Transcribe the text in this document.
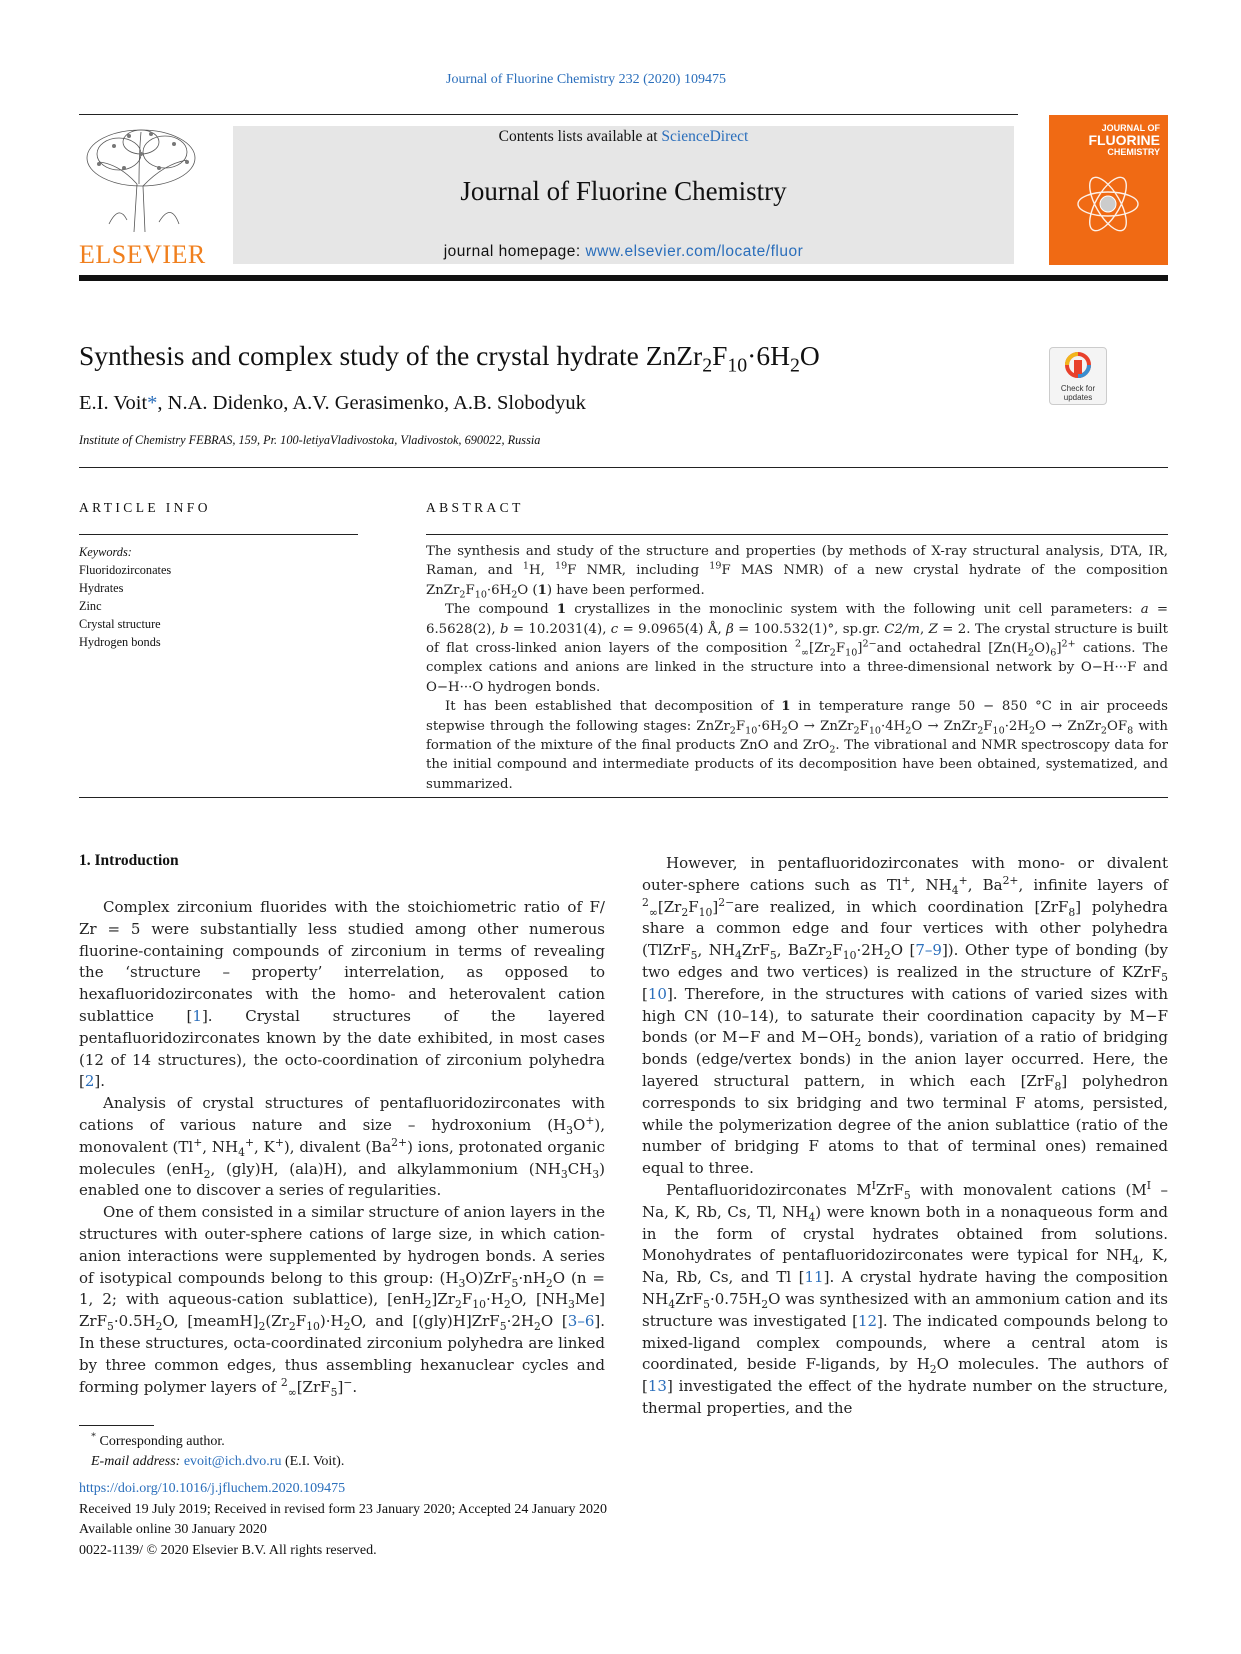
Journal of Fluorine Chemistry 232 (2020) 109475
ELSEVIER
Contents lists available at ScienceDirect
Journal of Fluorine Chemistry
journal homepage: www.elsevier.com/locate/fluor
JOURNAL OF
FLUORINE
CHEMISTRY
Synthesis and complex study of the crystal hydrate $ZnZr_2F_{10}\cdot 6H_2O$
Check for
updates
E.I. Voit*, N.A. Didenko, A.V. Gerasimenko, A.B. Slobodyuk
Institute of Chemistry FEBRAS, 159, Pr. 100-letiyaVladivostoka, Vladivostok, 690022, Russia
ARTICLE INFO
Keywords:
Fluoridozirconates
Hydrates
Zinc
Crystal structure
Hydrogen bonds
ABSTRACT

The synthesis and study of the structure and properties (by methods of X-ray structural analysis, DTA, IR, Raman, and $^1$H, $^{19}$F NMR, including $^{19}$F MAS NMR) of a new crystal hydrate of the composition $ZnZr_2F_{10}\cdot 6H_2O$ (1) have been performed.

The compound 1 crystallizes in the monoclinic system with the following unit cell parameters: a = 6.5628(2), b = 10.2031(4), c = 9.0965(4) Å, β = 100.532(1)°, sp.gr. C2/m, Z = 2. The crystal structure is built of flat cross-linked anion layers of the composition $^2_\infty[Zr_2F_{10}]^{2-}and$ octahedral $[Zn(H_2O)_6]^{2+}$ cations. The complex cations and anions are linked in the structure into a three-dimensional network by O−H···F and O−H···O hydrogen bonds.

It has been established that decomposition of 1 in temperature range 50 − 850 °C in air proceeds stepwise through the following stages: $ZnZr_2F_{10}\cdot 6H_2O$ → $ZnZr_2F_{10}\cdot 4H_2O$ → $ZnZr_2F_{10}\cdot 2H_2O$ → $ZnZr_2OF_8$ with formation of the mixture of the final products ZnO and ZrO$_2$. The vibrational and NMR spectroscopy data for the initial compound and intermediate products of its decomposition have been obtained, systematized, and summarized.

1. Introduction

Complex zirconium fluorides with the stoichiometric ratio of F/ Zr = 5 were substantially less studied among other numerous fluorine-containing compounds of zirconium in terms of revealing the ‘structure – property’ interrelation, as opposed to hexafluoridozirconates with the homo- and heterovalent cation sublattice [1]. Crystal structures of the layered pentafluoridozirconates known by the date exhibited, in most cases (12 of 14 structures), the octo-coordination of zirconium polyhedra [2].

Analysis of crystal structures of pentafluoridozirconates with cations of various nature and size – hydroxonium $(H_3O^+)$, monovalent (Tl+, $NH_4^+$, K+), divalent $(Ba^{2+})$ ions, protonated organic molecules (enH$_2$, (gly)H, (ala)H), and alkylammonium $(NH_3CH_3)$ enabled one to discover a series of regularities.

One of them consisted in a similar structure of anion layers in the structures with outer-sphere cations of large size, in which cation-anion interactions were supplemented by hydrogen bonds. A series of isotypical compounds belong to this group: $(H_3O)ZrF_5\cdot nH_2O$ (n = 1, 2; with aqueous-cation sublattice), $[enH_2]Zr_2F_{10}\cdot H_2O$, $[NH_3Me]$ $ZrF_5\cdot 0.5H_2O$, $[meamH]_2(Zr_2F_{10})\cdot H_2O$, and $[(gly)H]ZrF_5\cdot 2H_2O$ [3–6]. In these structures, octa-coordinated zirconium polyhedra are linked by three common edges, thus assembling hexanuclear cycles and forming polymer layers of $^2_\infty$[ZrF$_5$]−.

However, in pentafluoridozirconates with mono- or divalent outer-sphere cations such as Tl+, $NH_4^+$, $Ba^{2+}$, infinite layers of $^2_\infty[Zr_2F_{10}]^{2-}are$ realized, in which coordination [ZrF$_8$] polyhedra share a common edge and four vertices with other polyhedra (TlZrF$_5$, $NH_4ZrF_5$, $BaZr_2F_{10}\cdot 2H_2O$ [7–9]). Other type of bonding (by two edges and two vertices) is realized in the structure of KZrF$_5$ [10]. Therefore, in the structures with cations of varied sizes with high CN (10–14), to saturate their coordination capacity by M−F bonds (or M−F and $M-OH_2$ bonds), variation of a ratio of bridging bonds (edge/vertex bonds) in the anion layer occurred. Here, the layered structural pattern, in which each [ZrF$_8$] polyhedron corresponds to six bridging and two terminal F atoms, persisted, while the polymerization degree of the anion sublattice (ratio of the number of bridging F atoms to that of terminal ones) remained equal to three.

Pentafluoridozirconates $M^IZrF_5$ with monovalent cations ($M^I$ – Na, K, Rb, Cs, Tl, $NH_4$) were known both in a nonaqueous form and in the form of crystal hydrates obtained from solutions. Monohydrates of pentafluoridozirconates were typical for $NH_4$, K, Na, Rb, Cs, and Tl [11]. A crystal hydrate having the composition $NH_4ZrF_5\cdot 0.75H_2O$ was synthesized with an ammonium cation and its structure was investigated [12]. The indicated compounds belong to mixed-ligand complex compounds, where a central atom is coordinated, beside F-ligands, by $H_2O$ molecules. The authors of [13] investigated the effect of the hydrate number on the structure, thermal properties, and the

* Corresponding author.
E-mail address: evoit@ich.dvo.ru (E.I. Voit).
https://doi.org/10.1016/j.jfluchem.2020.109475
Received 19 July 2019; Received in revised form 23 January 2020; Accepted 24 January 2020
Available online 30 January 2020
0022-1139/ © 2020 Elsevier B.V. All rights reserved.
